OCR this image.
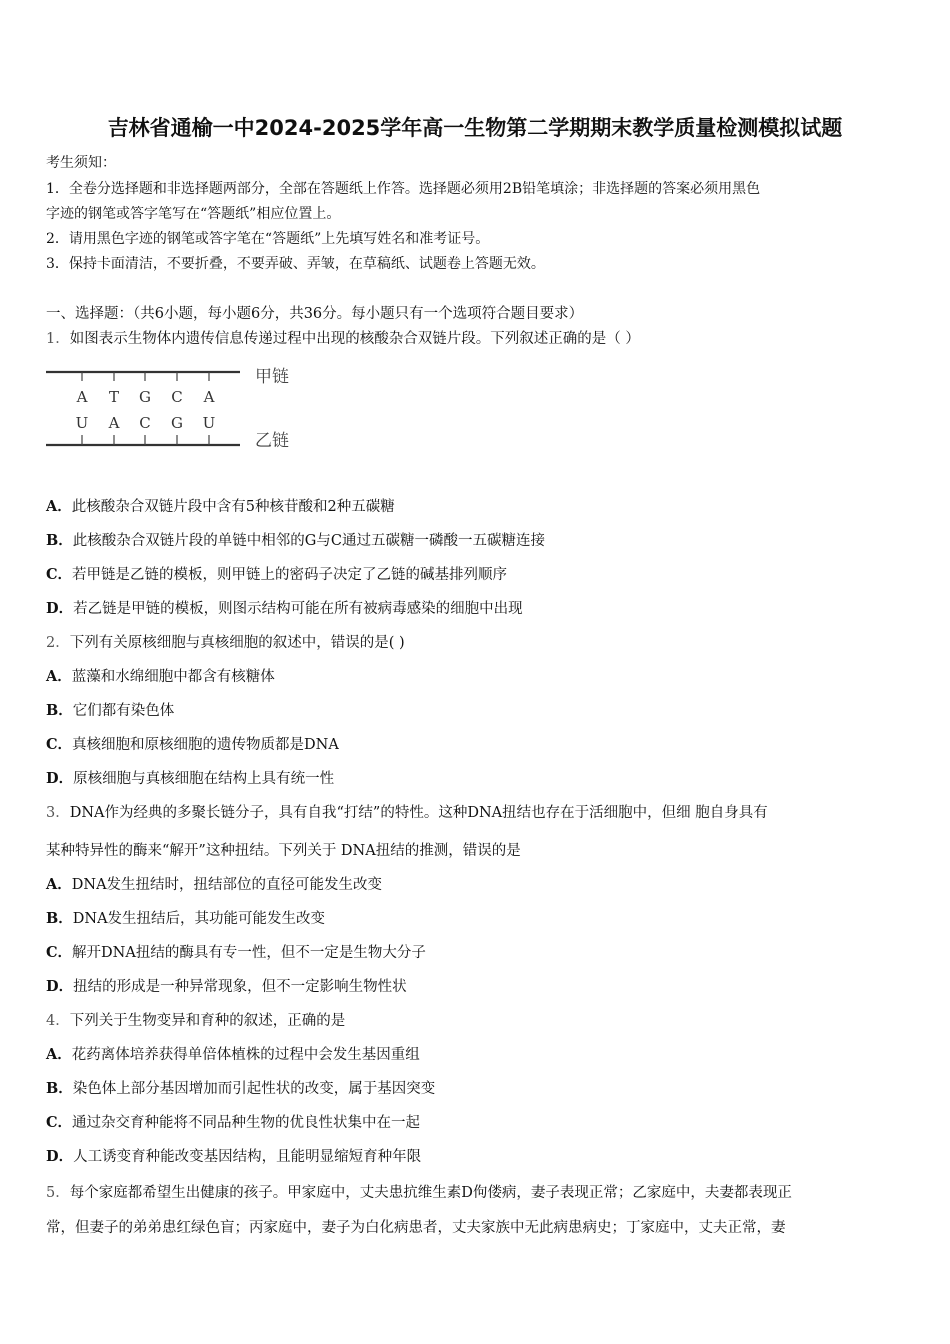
吉林省通榆一中2024-2025学年高一生物第二学期期末教学质量检测模拟试题
考生须知：
1．全卷分选择题和非选择题两部分，全部在答题纸上作答。选择题必须用2B铅笔填涂；非选择题的答案必须用黑色
字迹的钢笔或答字笔写在“答题纸”相应位置上。
2．请用黑色字迹的钢笔或答字笔在“答题纸”上先填写姓名和准考证号。
3．保持卡面清洁，不要折叠，不要弄破、弄皱，在草稿纸、试题卷上答题无效。
一、选择题：（共6小题，每小题6分，共36分。每小题只有一个选项符合题目要求）
1．如图表示生物体内遗传信息传递过程中出现的核酸杂合双链片段。下列叙述正确的是（ ）
A T G C A
U A C G U
甲链
乙链
A．此核酸杂合双链片段中含有5种核苷酸和2种五碳糖
B．此核酸杂合双链片段的单链中相邻的G与C通过五碳糖一磷酸一五碳糖连接
C．若甲链是乙链的模板，则甲链上的密码子决定了乙链的碱基排列顺序
D．若乙链是甲链的模板，则图示结构可能在所有被病毒感染的细胞中出现
2．下列有关原核细胞与真核细胞的叙述中，错误的是( )
A．蓝藻和水绵细胞中都含有核糖体
B．它们都有染色体
C．真核细胞和原核细胞的遗传物质都是DNA
D．原核细胞与真核细胞在结构上具有统一性
3．DNA作为经典的多聚长链分子，具有自我“打结”的特性。这种DNA扭结也存在于活细胞中，但细 胞自身具有
某种特异性的酶来“解开”这种扭结。下列关于 DNA扭结的推测，错误的是
A．DNA发生扭结时，扭结部位的直径可能发生改变
B．DNA发生扭结后，其功能可能发生改变
C．解开DNA扭结的酶具有专一性，但不一定是生物大分子
D．扭结的形成是一种异常现象，但不一定影响生物性状
4．下列关于生物变异和育种的叙述，正确的是
A．花药离体培养获得单倍体植株的过程中会发生基因重组
B．染色体上部分基因增加而引起性状的改变，属于基因突变
C．通过杂交育种能将不同品种生物的优良性状集中在一起
D．人工诱变育种能改变基因结构，且能明显缩短育种年限
5．每个家庭都希望生出健康的孩子。甲家庭中，丈夫患抗维生素D佝偻病，妻子表现正常；乙家庭中，夫妻都表现正
常，但妻子的弟弟患红绿色盲；丙家庭中，妻子为白化病患者，丈夫家族中无此病患病史；丁家庭中，丈夫正常，妻
